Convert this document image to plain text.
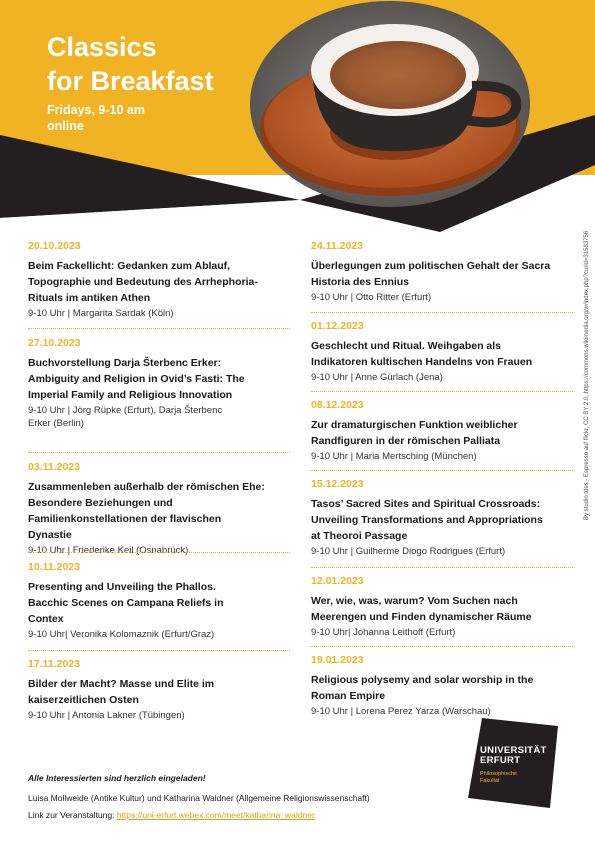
Classics
for Breakfast
Fridays, 9-10 am
online
20.10.2023
Beim Fackellicht: Gedanken zum Ablauf,
Topographie und Bedeutung des Arrhephoria-
Rituals im antiken Athen
9-10 Uhr | Margarita Sardak (Köln)
27.10.2023
Buchvorstellung Darja Šterbenc Erker:
Ambiguity and Religion in Ovid’s Fasti: The
Imperial Family and Religious Innovation
9-10 Uhr | Jörg Rüpke (Erfurt), Darja Šterbenc
Erker (Berlin)
03.11.2023
Zusammenleben außerhalb der römischen Ehe:
Besondere Beziehungen und
Familienkonstellationen der flavischen
Dynastie
9-10 Uhr | Friederike Keil (Osnabrück)
10.11.2023
Presenting and Unveiling the Phallos.
Bacchic Scenes on Campana Reliefs in
Contex
9-10 Uhr| Veronika Kolomaznik (Erfurt/Graz)
17.11.2023
Bilder der Macht? Masse und Elite im
kaiserzeitlichen Osten
9-10 Uhr | Antonia Lakner (Tübingen)
24.11.2023
Überlegungen zum politischen Gehalt der Sacra
Historia des Ennius
9-10 Uhr | Otto Ritter (Erfurt)
01.12.2023
Geschlecht und Ritual. Weihgaben als
Indikatoren kultischen Handelns von Frauen
9-10 Uhr | Anne Gürlach (Jena)
08.12.2023
Zur dramaturgischen Funktion weiblicher
Randfiguren in der römischen Palliata
9-10 Uhr | Maria Mertsching (München)
15.12.2023
Tasos’ Sacred Sites and Spiritual Crossroads:
Unveiling Transformations and Appropriations
at Theoroi Passage
9-10 Uhr | Guilherme Diogo Rodrigues (Erfurt)
12.01.2023
Wer, wie, was, warum? Vom Suchen nach
Meerengen und Finden dynamischer Räume
9-10 Uhr| Johanna Leithoff (Erfurt)
19.01.2023
Religious polysemy and solar worship in the
Roman Empire
9-10 Uhr | Lorena Perez Yarza (Warschau)
By studio tdes - Espresso auf flickr, CC BY 2.0, https://commons.wikimedia.org/w/index.php?curid=31583756
UNIVERSITÄT
ERFURT
Philosophische
Fakultät
Alle Interessierten sind herzlich eingeladen!
Luisa Mollweide (Antike Kultur) und Katharina Waldner (Allgemeine Religionswissenschaft)
Link zur Veranstaltung: https://uni-erfurt.webex.com/meet/katharina_waldner
